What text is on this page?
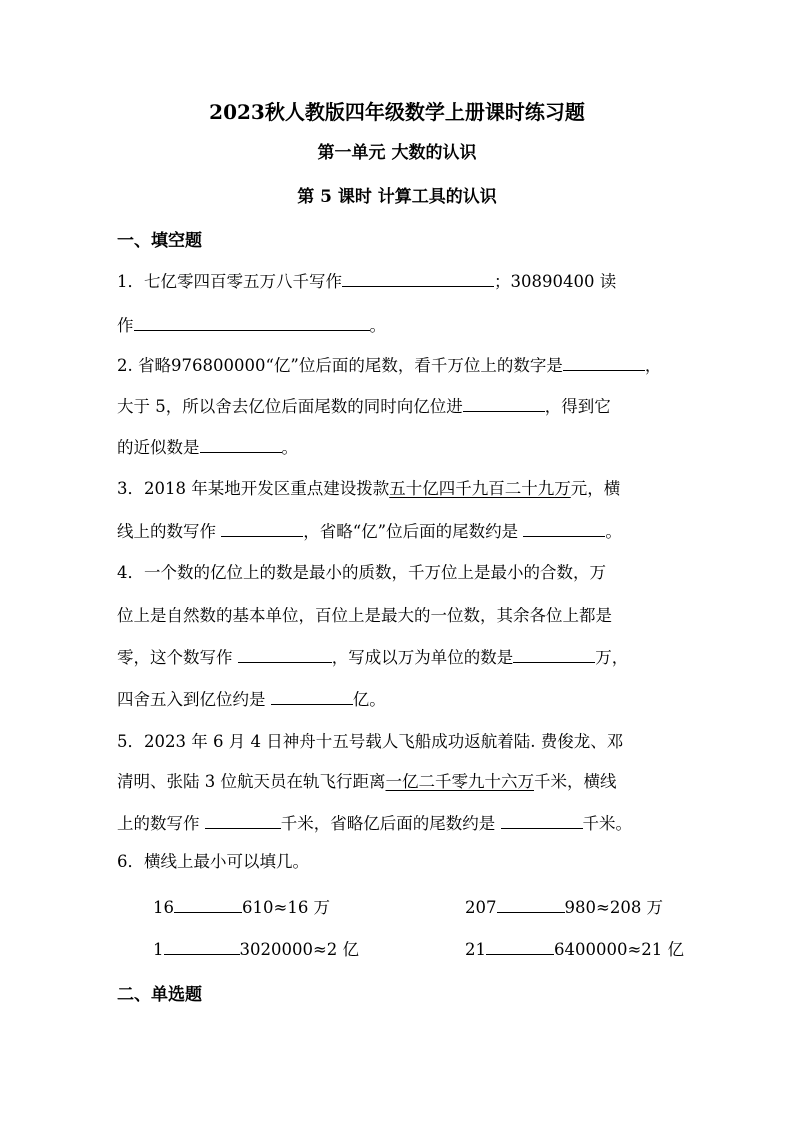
2023秋人教版四年级数学上册课时练习题
第一单元 大数的认识
第 5 课时 计算工具的认识
一、填空题
1．七亿零四百零五万八千写作	；30890400 读
作	。
2. 省略976800000“亿”位后面的尾数，看千万位上的数字是	，
大于 5，所以舍去亿位后面尾数的同时向亿位进	，得到它
的近似数是	。
3．2018 年某地开发区重点建设拨款五十亿四千九百二十九万元，横
线上的数写作	，省略“亿”位后面的尾数约是	。
4．一个数的亿位上的数是最小的质数，千万位上是最小的合数，万
位上是自然数的基本单位，百位上是最大的一位数，其余各位上都是
零，这个数写作	，写成以万为单位的数是	万，
四舍五入到亿位约是	亿。
5．2023 年 6 月 4 日神舟十五号载人飞船成功返航着陆. 费俊龙、邓
清明、张陆 3 位航天员在轨飞行距离一亿二千零九十六万千米，横线
上的数写作	千米，省略亿后面的尾数约是	千米。
6．横线上最小可以填几。
16	610≈16 万	207	980≈208 万
1	3020000≈2 亿	21	6400000≈21 亿
二、单选题
